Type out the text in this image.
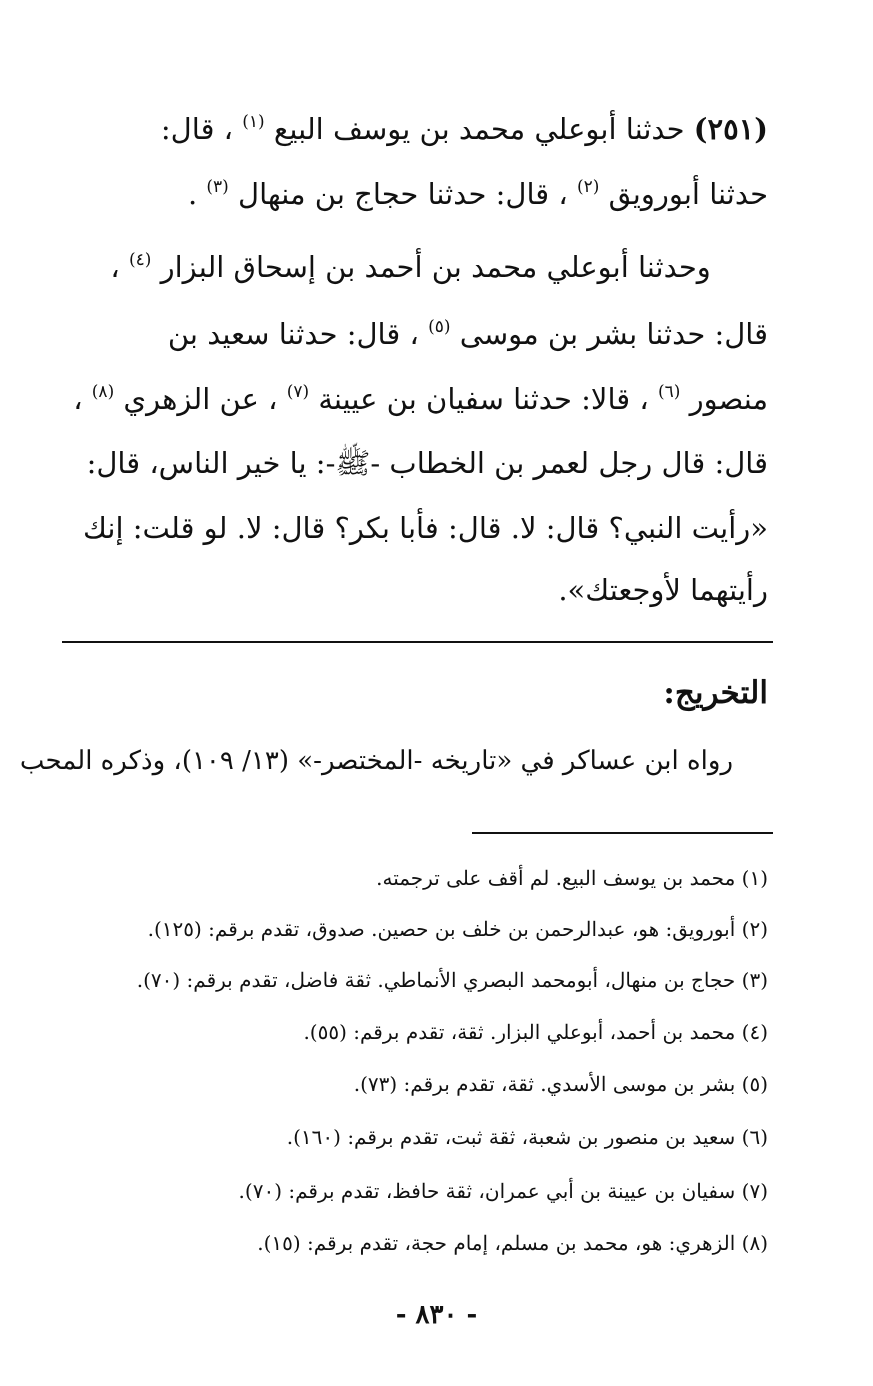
(٢٥١) حدثنا أبوعلي محمد بن يوسف البيع $^{(١)}$ ، قال:
حدثنا أبورويق $^{(٢)}$ ، قال: حدثنا حجاج بن منهال $^{(٣)}$ .
وحدثنا أبوعلي محمد بن أحمد بن إسحاق البزار $^{(٤)}$ ،
قال: حدثنا بشر بن موسى $^{(٥)}$ ، قال: حدثنا سعيد بن
منصور $^{(٦)}$ ، قالا: حدثنا سفيان بن عيينة $^{(٧)}$ ، عن الزهري $^{(٨)}$ ،
قال: قال رجل لعمر بن الخطاب -ﷺ-: يا خير الناس، قال:
«رأيت النبي؟ قال: لا. قال: فأبا بكر؟ قال: لا. لو قلت: إنك
رأيتهما لأوجعتك».
التخريج:
رواه ابن عساكر في «تاريخه -المختصر-» (١٣/ ١٠٩)، وذكره المحب
(١) محمد بن يوسف البيع. لم أقف على ترجمته.
(٢) أبورويق: هو، عبدالرحمن بن خلف بن حصين. صدوق، تقدم برقم: (١٢٥).
(٣) حجاج بن منهال، أبومحمد البصري الأنماطي. ثقة فاضل، تقدم برقم: (٧٠).
(٤) محمد بن أحمد، أبوعلي البزار. ثقة، تقدم برقم: (٥٥).
(٥) بشر بن موسى الأسدي. ثقة، تقدم برقم: (٧٣).
(٦) سعيد بن منصور بن شعبة، ثقة ثبت، تقدم برقم: (١٦٠).
(٧) سفيان بن عيينة بن أبي عمران، ثقة حافظ، تقدم برقم: (٧٠).
(٨) الزهري: هو، محمد بن مسلم، إمام حجة، تقدم برقم: (١٥).
- ٨٣٠ -
